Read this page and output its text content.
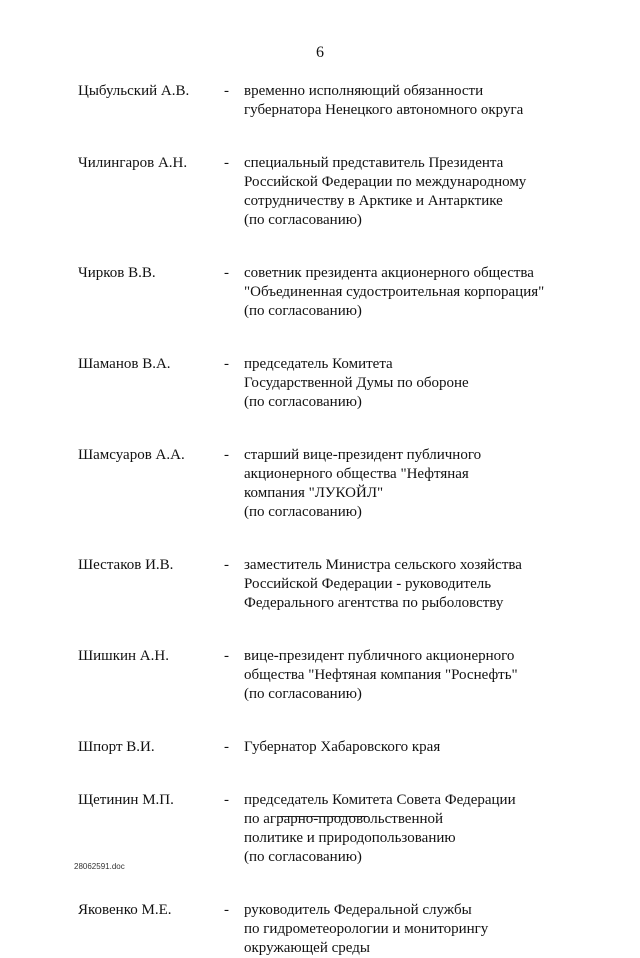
6
Цыбульский А.В.	-	временно исполняющий обязанности
губернатора Ненецкого автономного округа
Чилингаров А.Н.	-	специальный представитель Президента
Российской Федерации по международному
сотрудничеству в Арктике и Антарктике
(по согласованию)
Чирков В.В.	-	советник президента акционерного общества
"Объединенная судостроительная корпорация"
(по согласованию)
Шаманов В.А.	-	председатель Комитета
Государственной Думы по обороне
(по согласованию)
Шамсуаров А.А.	-	старший вице-президент публичного
акционерного общества "Нефтяная
компания "ЛУКОЙЛ"
(по согласованию)
Шестаков И.В.	-	заместитель Министра сельского хозяйства
Российской Федерации - руководитель
Федерального агентства по рыболовству
Шишкин А.Н.	-	вице-президент публичного акционерного
общества "Нефтяная компания "Роснефть"
(по согласованию)
Шпорт В.И.	-	Губернатор Хабаровского края
Щетинин М.П.	-	председатель Комитета Совета Федерации
по аграрно-продовольственной
политике и природопользованию
(по согласованию)
Яковенко М.Е.	-	руководитель Федеральной службы
по гидрометеорологии и мониторингу
окружающей среды
28062591.doc
